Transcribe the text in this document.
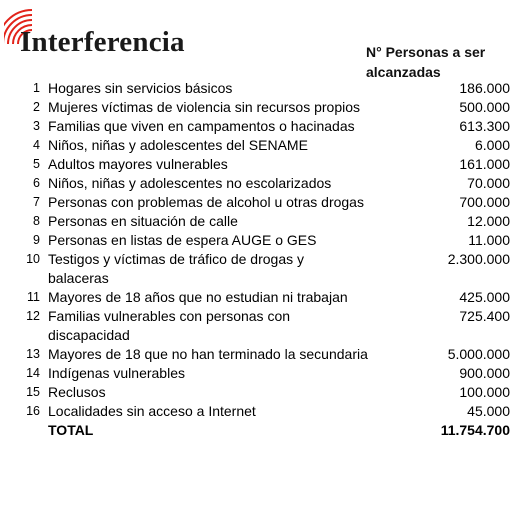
Interferencia	N° Personas a ser alcanzadas
1	Hogares sin servicios básicos	186.000
2	Mujeres víctimas de violencia sin recursos propios	500.000
3	Familias que viven en campamentos o hacinadas	613.300
4	Niños, niñas y adolescentes del SENAME	6.000
5	Adultos mayores vulnerables	161.000
6	Niños, niñas y adolescentes no escolarizados	70.000
7	Personas con problemas de alcohol u otras drogas	700.000
8	Personas en situación de calle	12.000
9	Personas en listas de espera AUGE o GES	11.000
10	Testigos y víctimas de tráfico de drogas y balaceras	2.300.000
11	Mayores de 18 años que no estudian ni trabajan	425.000
12	Familias vulnerables con personas con discapacidad	725.400
13	Mayores de 18 que no han terminado la secundaria	5.000.000
14	Indígenas vulnerables	900.000
15	Reclusos	100.000
16	Localidades sin acceso a Internet	45.000
	TOTAL	11.754.700
